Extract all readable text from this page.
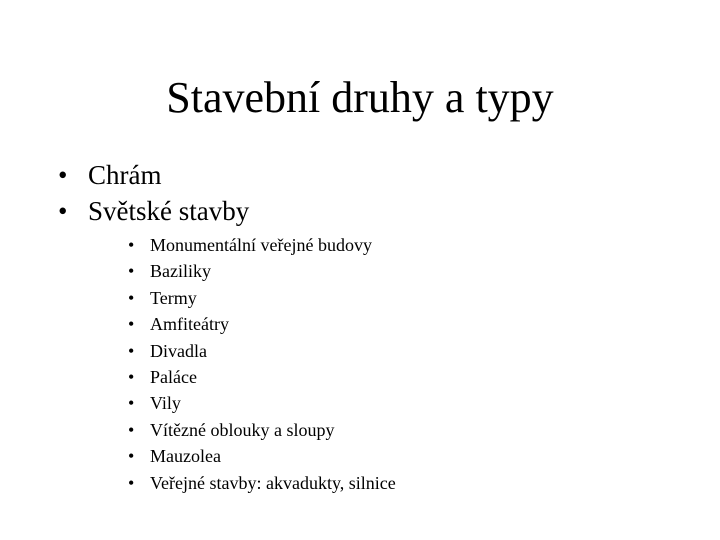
Stavební druhy a typy
• Chrám
• Světské stavby
• Monumentální veřejné budovy
• Baziliky
• Termy
• Amfiteátry
• Divadla
• Paláce
• Vily
• Vítězné oblouky a sloupy
• Mauzolea
• Veřejné stavby: akvadukty, silnice
